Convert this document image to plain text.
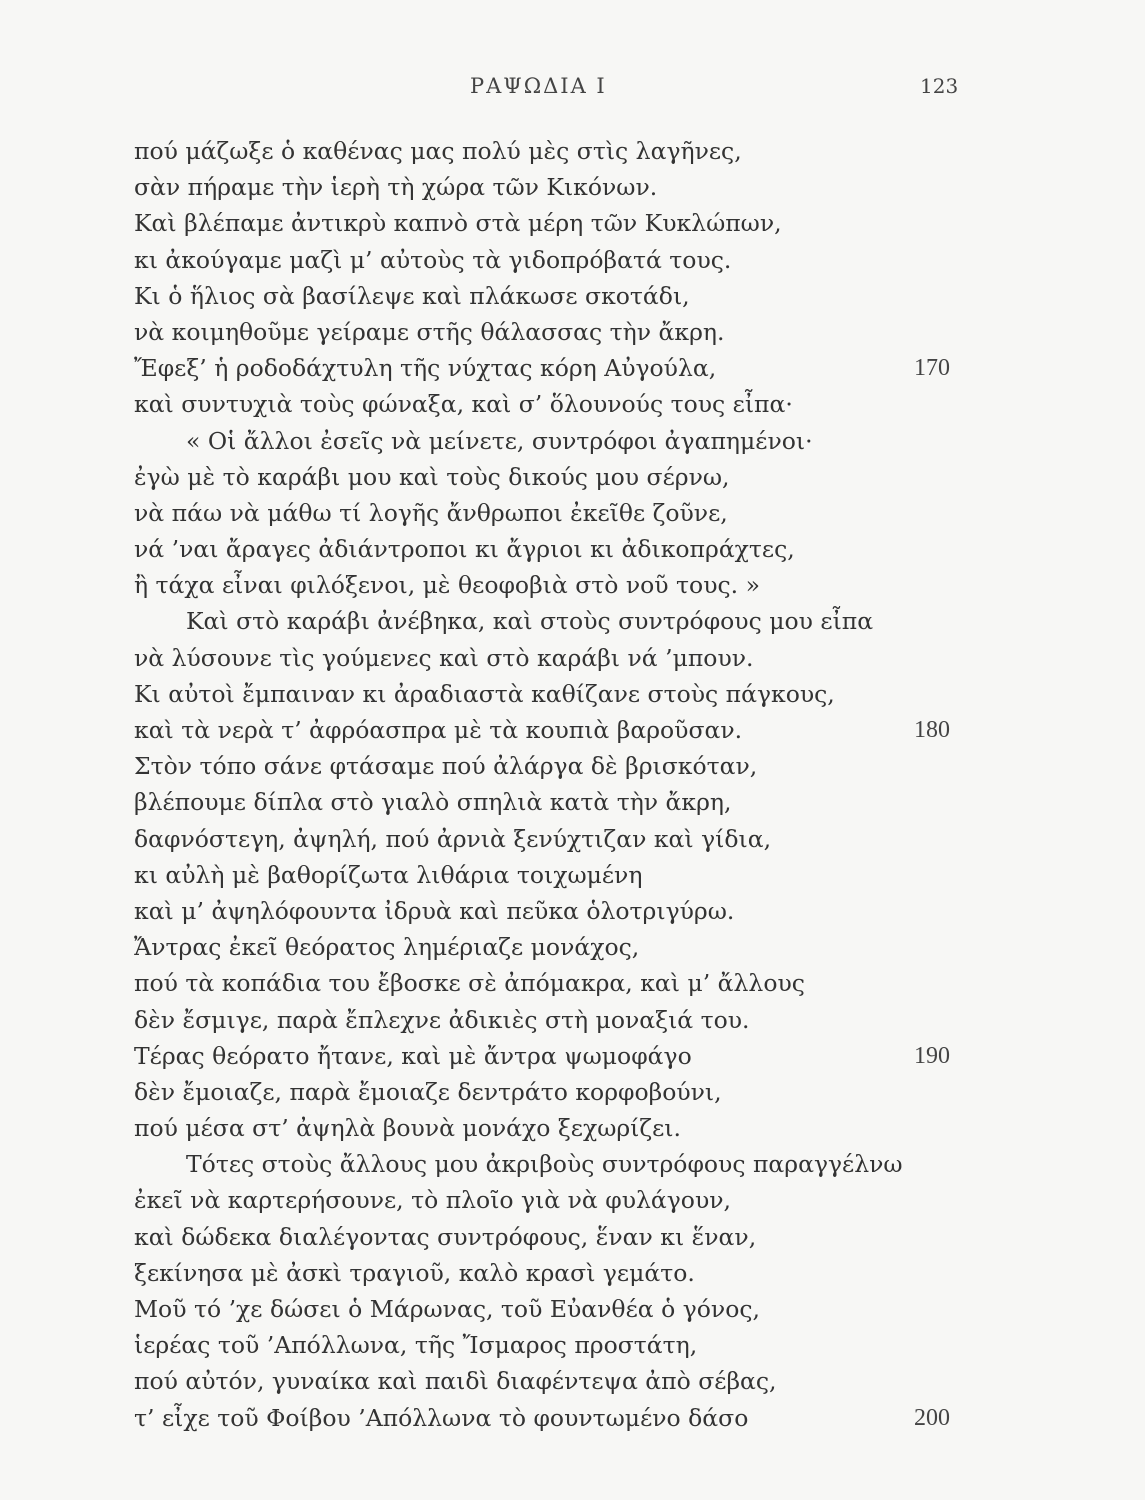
ΡΑΨΩΔΙΑ Ι	123
πού μάζωξε ὁ καθένας μας πολύ μὲς στὶς λαγῆνες,
σὰν πήραμε τὴν ἱερὴ τὴ χώρα τῶν Κικόνων.
Καὶ βλέπαμε ἀντικρὺ καπνὸ στὰ μέρη τῶν Κυκλώπων,
κι ἀκούγαμε μαζὶ μ’ αὐτοὺς τὰ γιδοπρόβατά τους.
Κι ὁ ἥλιος σὰ βασίλεψε καὶ πλάκωσε σκοτάδι,
νὰ κοιμηθοῦμε γείραμε στῆς θάλασσας τὴν ἄκρη.
Ἔφεξ’ ἡ ροδοδάχτυλη τῆς νύχτας κόρη Αὐγούλα,	170
καὶ συντυχιὰ τοὺς φώναξα, καὶ σ’ ὅλουνούς τους εἶπα·
« Οἱ ἄλλοι ἐσεῖς νὰ μείνετε, συντρόφοι ἀγαπημένοι·
ἐγὼ μὲ τὸ καράβι μου καὶ τοὺς δικούς μου σέρνω,
νὰ πάω νὰ μάθω τί λογῆς ἄνθρωποι ἐκεῖθε ζοῦνε,
νά ’ναι ἄραγες ἀδιάντροποι κι ἄγριοι κι ἀδικοπράχτες,
ἢ τάχα εἶναι φιλόξενοι, μὲ θεοφοβιὰ στὸ νοῦ τους. »
Καὶ στὸ καράβι ἀνέβηκα, καὶ στοὺς συντρόφους μου εἶπα
νὰ λύσουνε τὶς γούμενες καὶ στὸ καράβι νά ’μπουν.
Κι αὐτοὶ ἔμπαιναν κι ἀραδιαστὰ καθίζανε στοὺς πάγκους,
καὶ τὰ νερὰ τ’ ἀφρόασπρα μὲ τὰ κουπιὰ βαροῦσαν.	180
Στὸν τόπο σάνε φτάσαμε πού ἀλάργα δὲ βρισκόταν,
βλέπουμε δίπλα στὸ γιαλὸ σπηλιὰ κατὰ τὴν ἄκρη,
δαφνόστεγη, ἀψηλή, πού ἀρνιὰ ξενύχτιζαν καὶ γίδια,
κι αὐλὴ μὲ βαθορίζωτα λιθάρια τοιχωμένη
καὶ μ’ ἀψηλόφουντα ἰδρυὰ καὶ πεῦκα ὁλοτριγύρω.
Ἄντρας ἐκεῖ θεόρατος λημέριαζε μονάχος,
πού τὰ κοπάδια του ἔβοσκε σὲ ἀπόμακρα, καὶ μ’ ἄλλους
δὲν ἔσμιγε, παρὰ ἔπλεχνε ἀδικιὲς στὴ μοναξιά του.
Τέρας θεόρατο ἤτανε, καὶ μὲ ἄντρα ψωμοφάγο	190
δὲν ἔμοιαζε, παρὰ ἔμοιαζε δεντράτο κορφοβούνι,
πού μέσα στ’ ἀψηλὰ βουνὰ μονάχο ξεχωρίζει.
Τότες στοὺς ἄλλους μου ἀκριβοὺς συντρόφους παραγγέλνω
ἐκεῖ νὰ καρτερήσουνε, τὸ πλοῖο γιὰ νὰ φυλάγουν,
καὶ δώδεκα διαλέγοντας συντρόφους, ἕναν κι ἕναν,
ξεκίνησα μὲ ἀσκὶ τραγιοῦ, καλὸ κρασὶ γεμάτο.
Μοῦ τό ’χε δώσει ὁ Μάρωνας, τοῦ Εὐανθέα ὁ γόνος,
ἱερέας τοῦ ’Απόλλωνα, τῆς Ἴσμαρος προστάτη,
πού αὐτόν, γυναίκα καὶ παιδὶ διαφέντεψα ἀπὸ σέβας,
τ’ εἶχε τοῦ Φοίβου ’Απόλλωνα τὸ φουντωμένο δάσο	200
